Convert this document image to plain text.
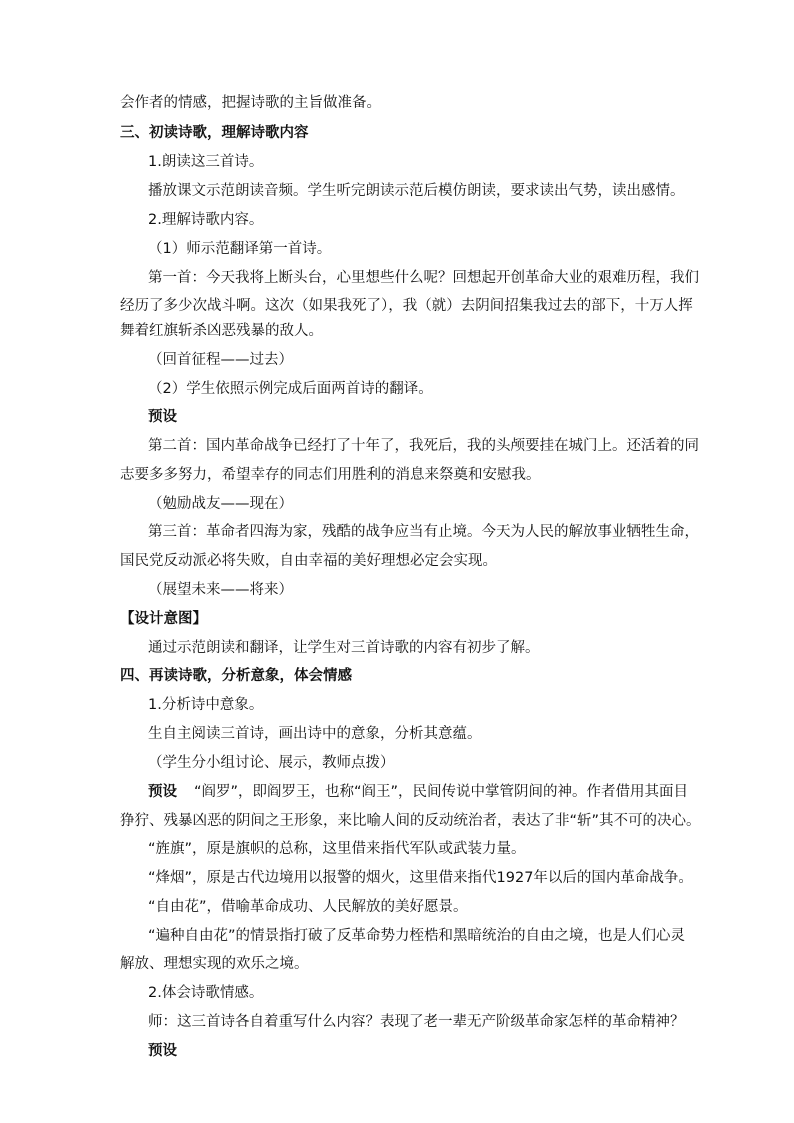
会作者的情感，把握诗歌的主旨做准备。
三、初读诗歌，理解诗歌内容
1.朗读这三首诗。
播放课文示范朗读音频。学生听完朗读示范后模仿朗读，要求读出气势，读出感情。
2.理解诗歌内容。
（1）师示范翻译第一首诗。
第一首：今天我将上断头台，心里想些什么呢？回想起开创革命大业的艰难历程，我们
经历了多少次战斗啊。这次（如果我死了），我（就）去阴间招集我过去的部下，十万人挥
舞着红旗斩杀凶恶残暴的敌人。
（回首征程——过去）
（2）学生依照示例完成后面两首诗的翻译。
预设
第二首：国内革命战争已经打了十年了，我死后，我的头颅要挂在城门上。还活着的同
志要多多努力，希望幸存的同志们用胜利的消息来祭奠和安慰我。
（勉励战友——现在）
第三首：革命者四海为家，残酷的战争应当有止境。今天为人民的解放事业牺牲生命，
国民党反动派必将失败，自由幸福的美好理想必定会实现。
（展望未来——将来）
【设计意图】
通过示范朗读和翻译，让学生对三首诗歌的内容有初步了解。
四、再读诗歌，分析意象，体会情感
1.分析诗中意象。
生自主阅读三首诗，画出诗中的意象，分析其意蕴。
（学生分小组讨论、展示，教师点拨）
预设 “阎罗”，即阎罗王，也称“阎王”，民间传说中掌管阴间的神。作者借用其面目
狰狞、残暴凶恶的阴间之王形象，来比喻人间的反动统治者，表达了非“斩”其不可的决心。
“旌旗”，原是旗帜的总称，这里借来指代军队或武装力量。
“烽烟”，原是古代边境用以报警的烟火，这里借来指代1927年以后的国内革命战争。
“自由花”，借喻革命成功、人民解放的美好愿景。
“遍种自由花”的情景指打破了反革命势力桎梏和黑暗统治的自由之境，也是人们心灵
解放、理想实现的欢乐之境。
2.体会诗歌情感。
师：这三首诗各自着重写什么内容？表现了老一辈无产阶级革命家怎样的革命精神？
预设
